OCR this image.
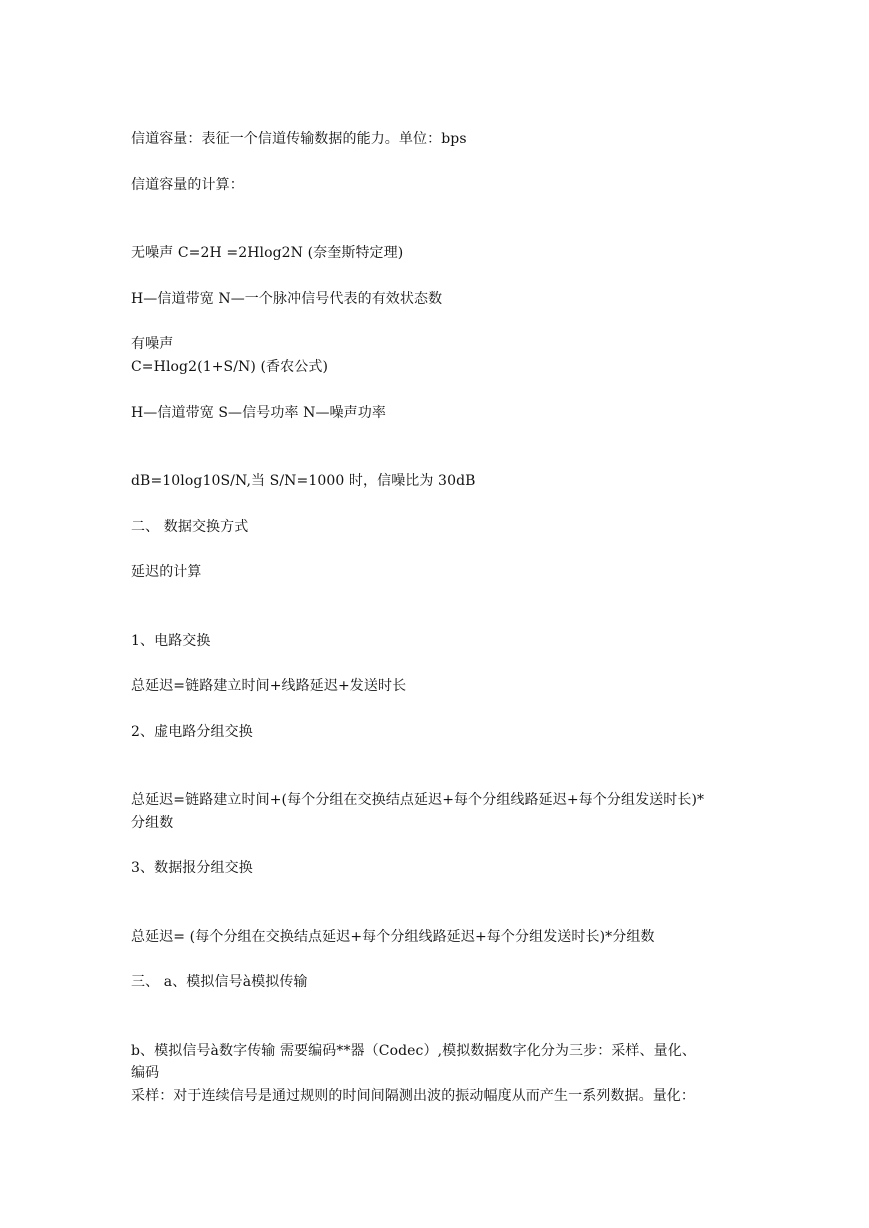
信道容量：表征一个信道传输数据的能力。单位：bps
信道容量的计算：
无噪声 C=2H =2Hlog2N (奈奎斯特定理)
H—信道带宽 N—一个脉冲信号代表的有效状态数
有噪声
C=Hlog2(1+S/N) (香农公式)
H—信道带宽 S—信号功率 N—噪声功率
dB=10log10S/N,当 S/N=1000 时，信噪比为 30dB
二、 数据交换方式
延迟的计算
1、电路交换
总延迟=链路建立时间+线路延迟+发送时长
2、虚电路分组交换
总延迟=链路建立时间+(每个分组在交换结点延迟+每个分组线路延迟+每个分组发送时长)*
分组数
3、数据报分组交换
总延迟= (每个分组在交换结点延迟+每个分组线路延迟+每个分组发送时长)*分组数
三、 a、模拟信号à模拟传输
b、模拟信号à数字传输 需要编码**器（Codec）,模拟数据数字化分为三步：采样、量化、
编码
采样：对于连续信号是通过规则的时间间隔测出波的振动幅度从而产生一系列数据。量化：
